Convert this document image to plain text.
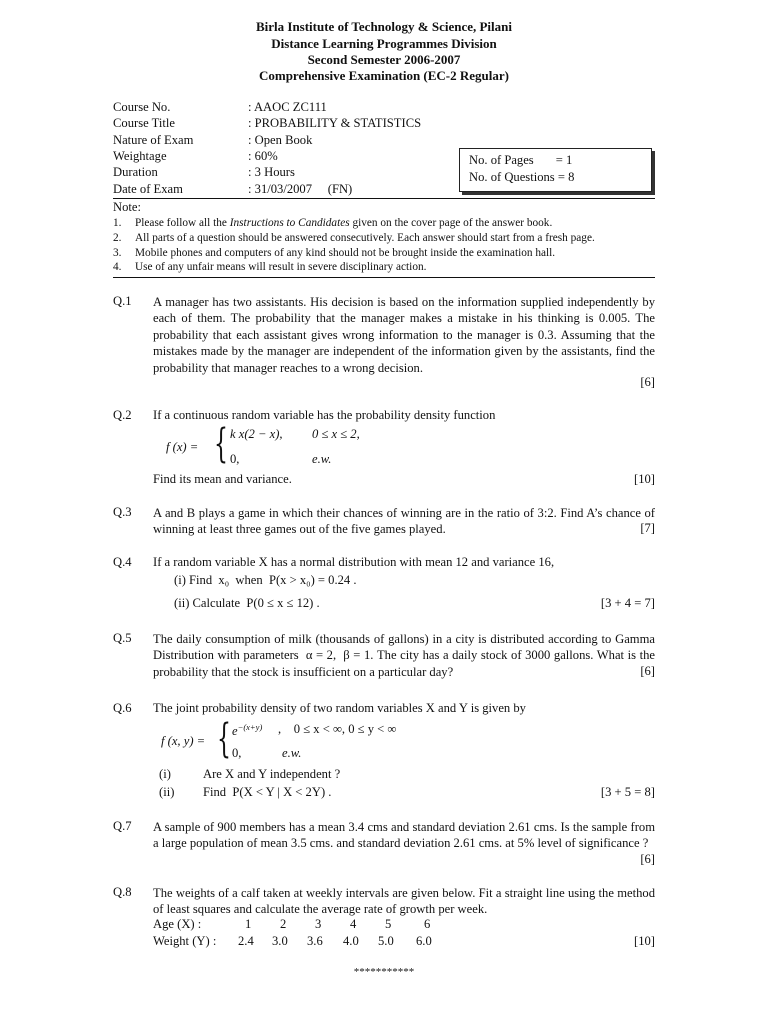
Birla Institute of Technology & Science, Pilani
Distance Learning Programmes Division
Second Semester 2006-2007
Comprehensive Examination (EC-2 Regular)
Course No.	: AAOC ZC111
Course Title	: PROBABILITY & STATISTICS
Nature of Exam	: Open Book
Weightage	: 60%
Duration	: 3 Hours
Date of Exam	: 31/03/2007     (FN)
No. of Pages       = 1
No. of Questions = 8
Note:
1. Please follow all the Instructions to Candidates given on the cover page of the answer book.
2. All parts of a question should be answered consecutively. Each answer should start from a fresh page.
3. Mobile phones and computers of any kind should not be brought inside the examination hall.
4. Use of any unfair means will result in severe disciplinary action.
Q.1 A manager has two assistants. His decision is based on the information supplied independently by each of them. The probability that the manager makes a mistake in his thinking is 0.005. The probability that each assistant gives wrong information to the manager is 0.3. Assuming that the mistakes made by the manager are independent of the information given by the assistants, find the probability that manager reaches to a wrong decision.
[6]
Q.2 If a continuous random variable has the probability density function
f (x) = { k x(2 − x), 0 ≤ x ≤ 2,
0,	e.w.
Find its mean and variance.	[10]
Q.3 A and B plays a game in which their chances of winning are in the ratio of 3:2. Find A’s chance of winning at least three games out of the five games played.	[7]
Q.4 If a random variable X has a normal distribution with mean 12 and variance 16,
(i) Find  x₀  when  P(x > x₀) = 0.24 .
(ii) Calculate  P(0 ≤ x ≤ 12) .	[3 + 4 = 7]
Q.5 The daily consumption of milk (thousands of gallons) in a city is distributed according to Gamma Distribution with parameters  α = 2,  β = 1. The city has a daily stock of 3000 gallons. What is the probability that the stock is insufficient on a particular day?	[6]
Q.6 The joint probability density of two random variables X and Y is given by
f (x, y) = { $e^{-(x+y)}$ ,    0 ≤ x < ∞, 0 ≤ y < ∞
0,	e.w.
(i)	Are X and Y independent ?
(ii) Find  P(X < Y | X < 2Y) .	[3 + 5 = 8]
Q.7 A sample of 900 members has a mean 3.4 cms and standard deviation 2.61 cms. Is the sample from a large population of mean 3.5 cms. and standard deviation 2.61 cms. at 5% level of significance ?
[6]
Q.8 The weights of a calf taken at weekly intervals are given below. Fit a straight line using the method of least squares and calculate the average rate of growth per week.
Age (X) :	1 2 3 4 5	6
Weight (Y) : 2.4 3.0 3.6 4.0 5.0 6.0	[10]
***********
